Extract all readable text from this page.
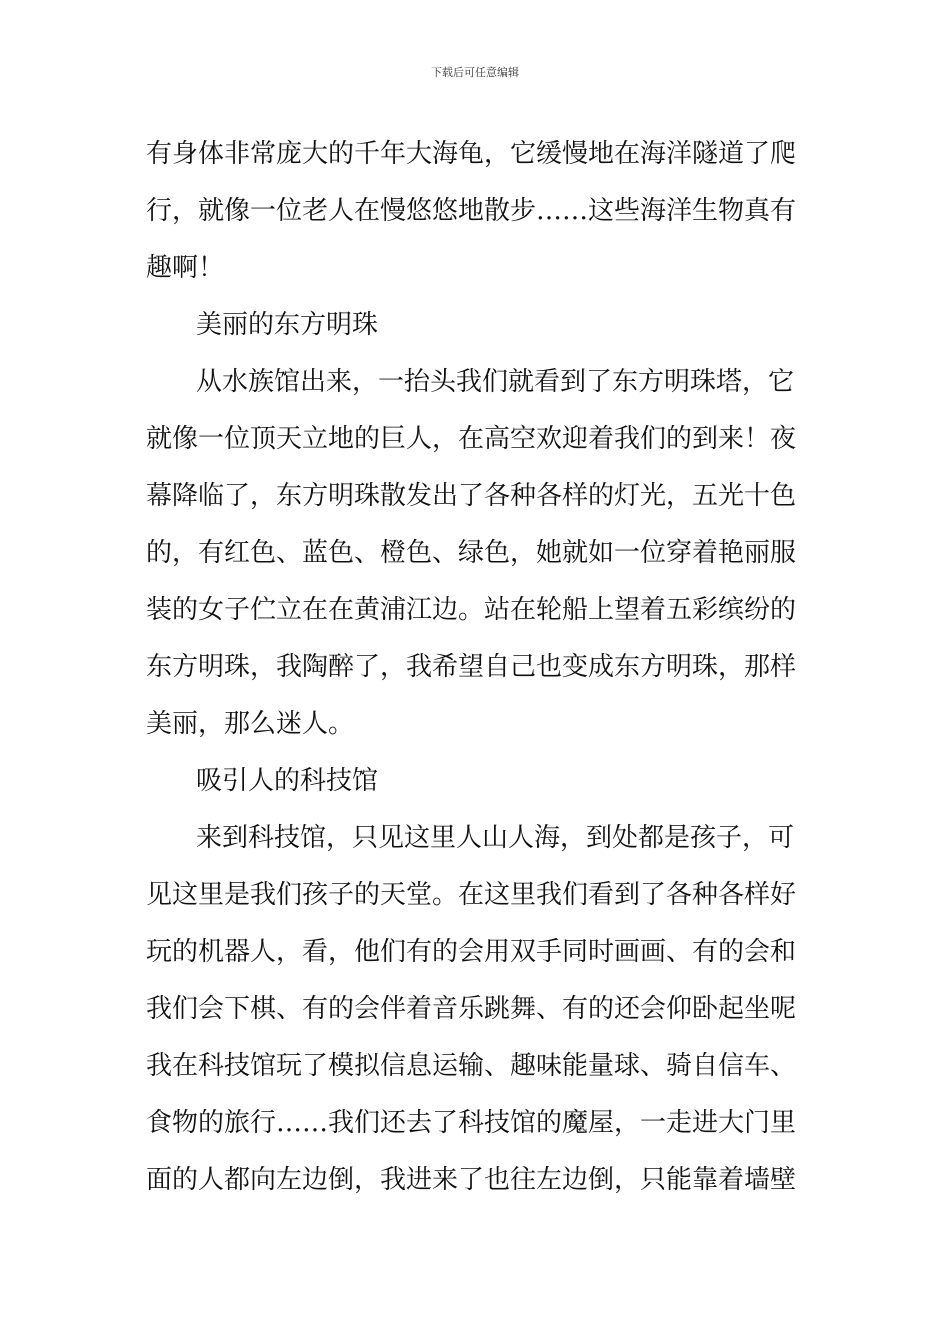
下载后可任意编辑
有身体非常庞大的千年大海龟，它缓慢地在海洋隧道了爬
行，就像一位老人在慢悠悠地散步……这些海洋生物真有
趣啊！
美丽的东方明珠
从水族馆出来，一抬头我们就看到了东方明珠塔，它
就像一位顶天立地的巨人，在高空欢迎着我们的到来！夜
幕降临了，东方明珠散发出了各种各样的灯光，五光十色
的，有红色、蓝色、橙色、绿色，她就如一位穿着艳丽服
装的女子伫立在在黄浦江边。站在轮船上望着五彩缤纷的
东方明珠，我陶醉了，我希望自己也变成东方明珠，那样
美丽，那么迷人。
吸引人的科技馆
来到科技馆，只见这里人山人海，到处都是孩子，可
见这里是我们孩子的天堂。在这里我们看到了各种各样好
玩的机器人，看，他们有的会用双手同时画画、有的会和
我们会下棋、有的会伴着音乐跳舞、有的还会仰卧起坐呢
我在科技馆玩了模拟信息运输、趣味能量球、骑自信车、
食物的旅行……我们还去了科技馆的魔屋，一走进大门里
面的人都向左边倒，我进来了也往左边倒，只能靠着墙壁
